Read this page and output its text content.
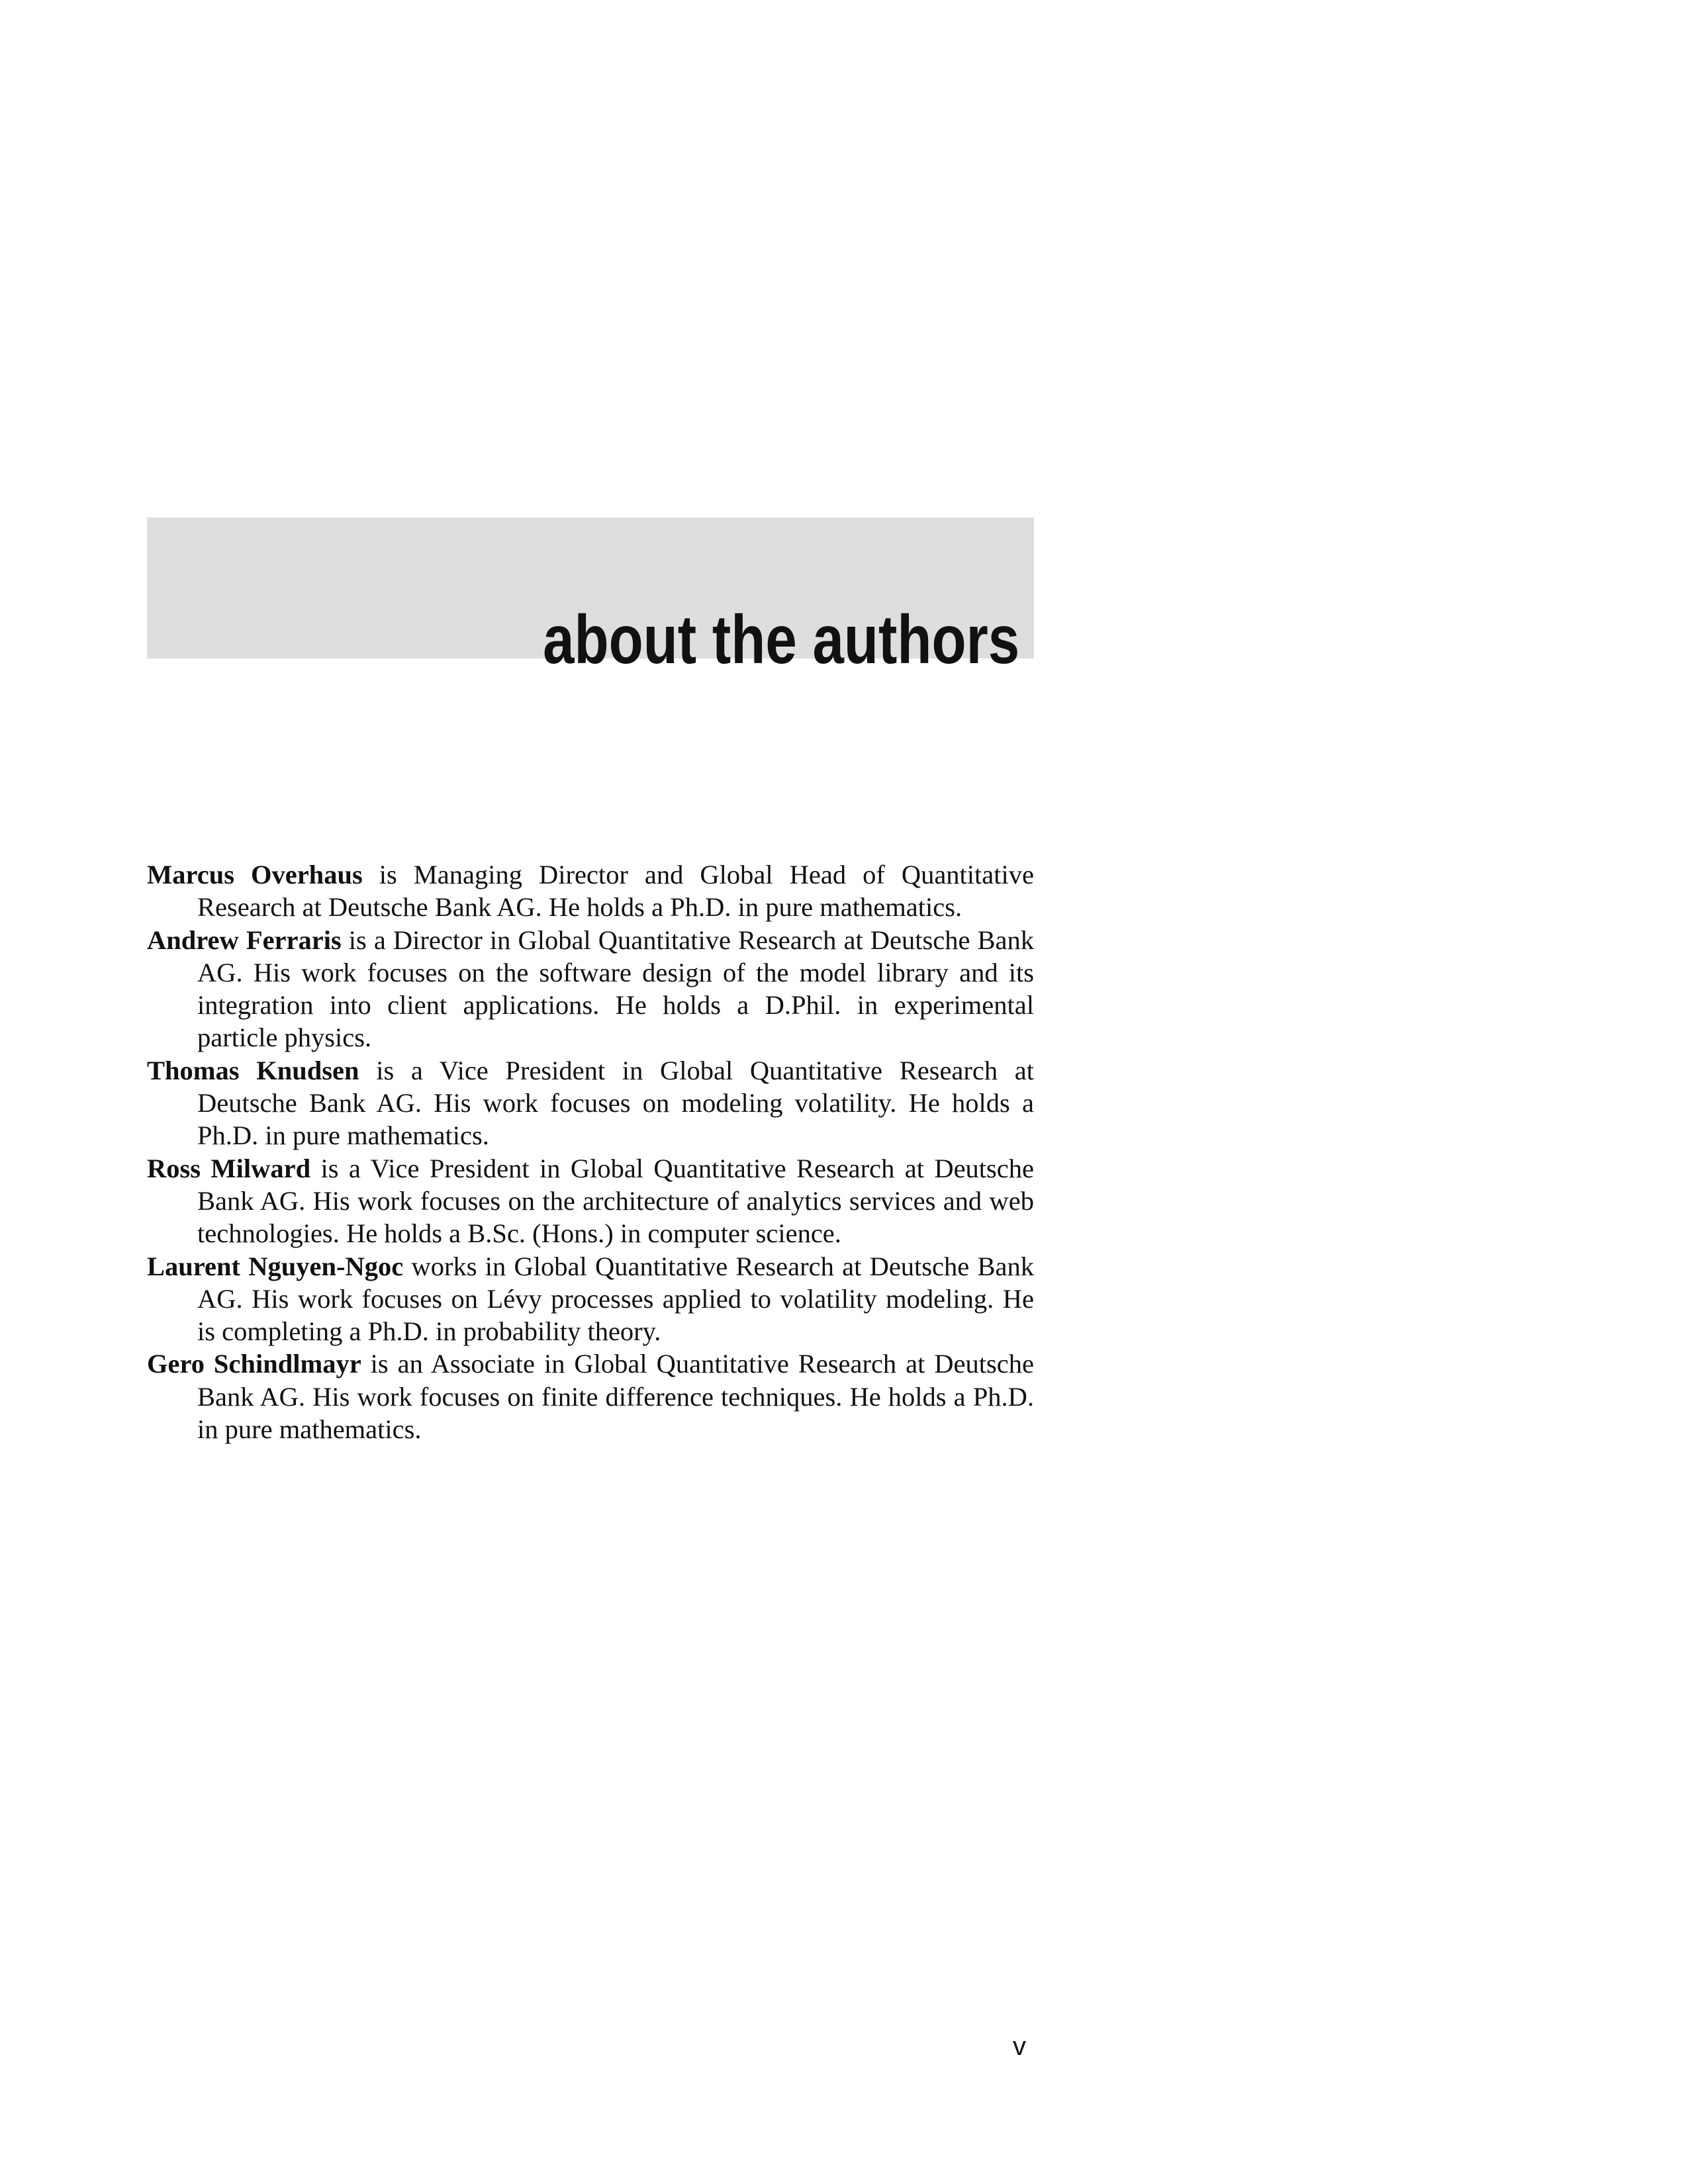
about the authors
Marcus Overhaus is Managing Director and Global Head of Quantitative Research at Deutsche Bank AG. He holds a Ph.D. in pure mathematics.
Andrew Ferraris is a Director in Global Quantitative Research at Deutsche Bank AG. His work focuses on the software design of the model library and its integration into client applications. He holds a D.Phil. in experimental particle physics.
Thomas Knudsen is a Vice President in Global Quantitative Research at Deutsche Bank AG. His work focuses on modeling volatility. He holds a Ph.D. in pure mathematics.
Ross Milward is a Vice President in Global Quantitative Research at Deutsche Bank AG. His work focuses on the architecture of analytics services and web technologies. He holds a B.Sc. (Hons.) in computer science.
Laurent Nguyen-Ngoc works in Global Quantitative Research at Deutsche Bank AG. His work focuses on Lévy processes applied to volatility modeling. He is completing a Ph.D. in probability theory.
Gero Schindlmayr is an Associate in Global Quantitative Research at Deutsche Bank AG. His work focuses on finite difference techniques. He holds a Ph.D. in pure mathematics.
v
